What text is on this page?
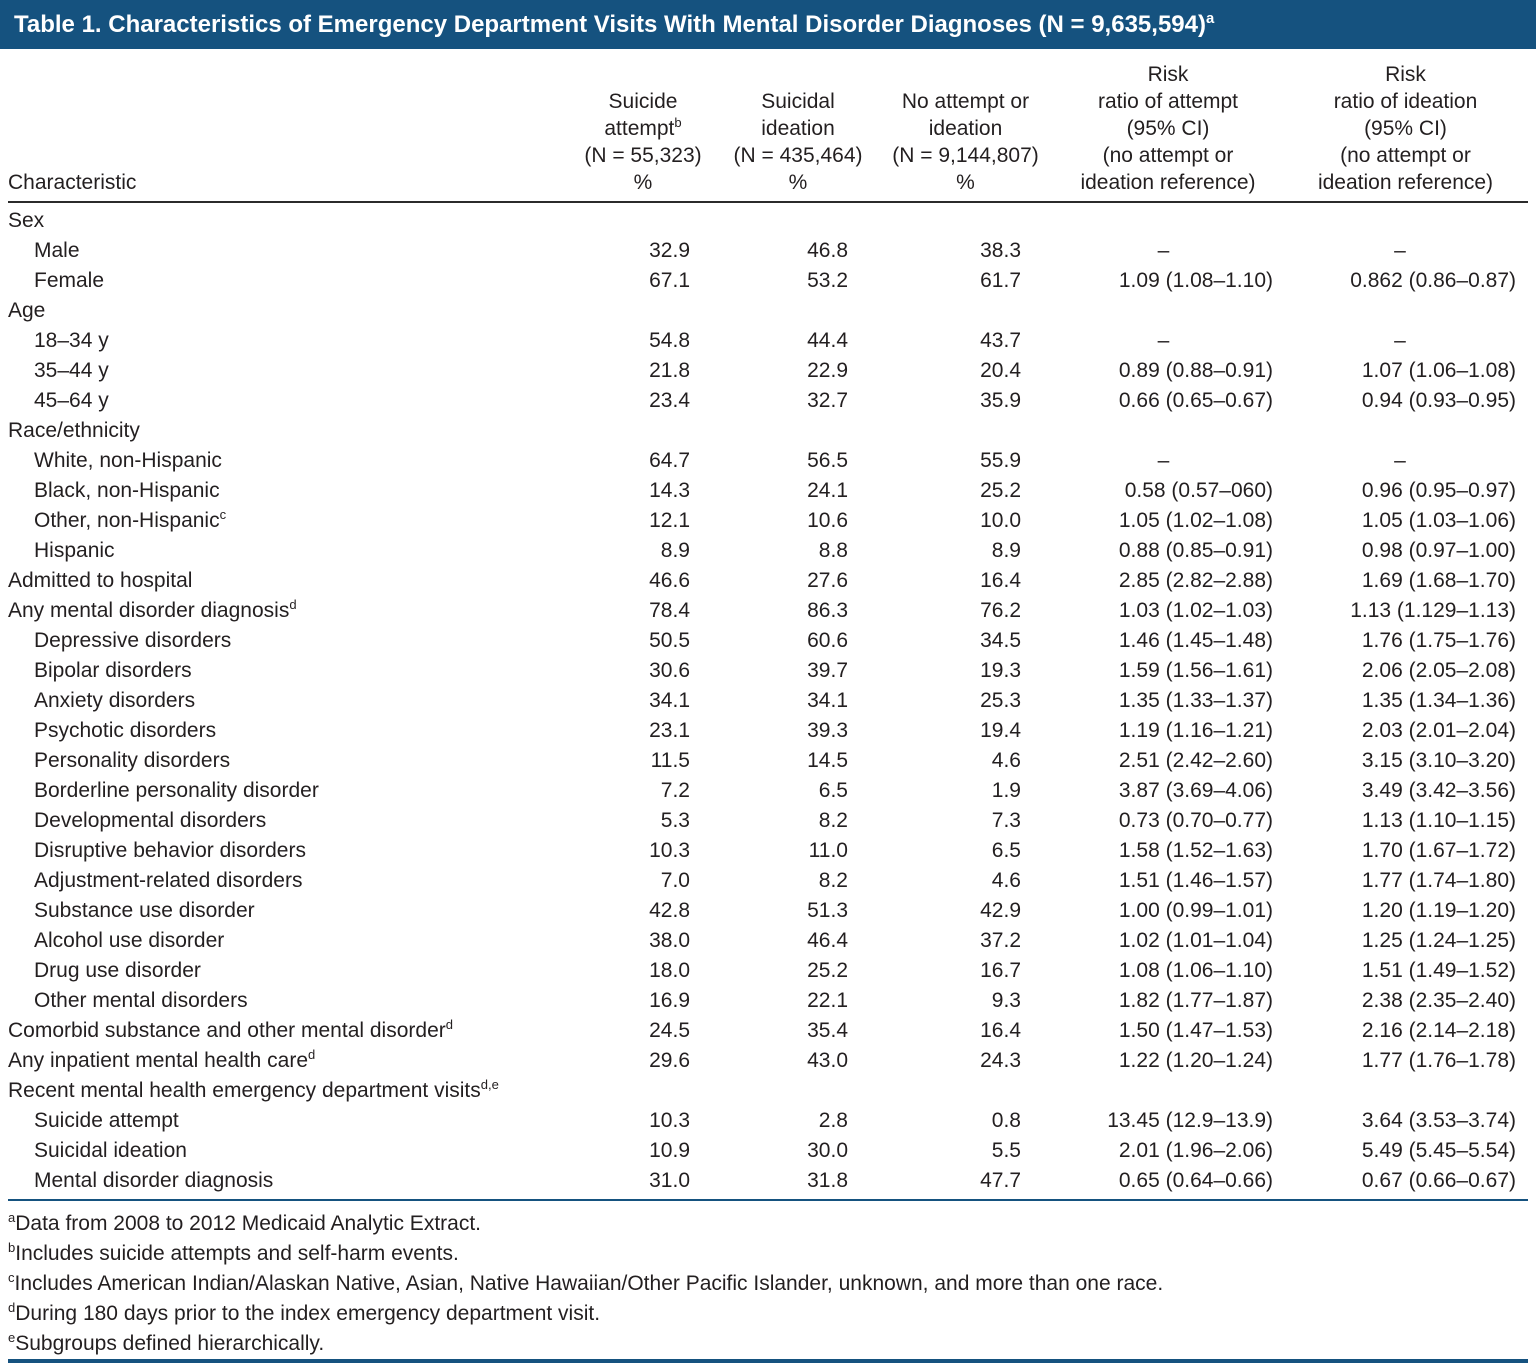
Table 1. Characteristics of Emergency Department Visits With Mental Disorder Diagnoses (N = 9,635,594)$^a$
Characteristic	Suicide
attempt$^b$
(N = 55,323)
%	Suicidal
ideation
(N = 435,464)
%	No attempt or
ideation
(N = 9,144,807)
%	Risk
ratio of attempt
(95% CI)
(no attempt or
ideation reference)	Risk
ratio of ideation
(95% CI)
(no attempt or
ideation reference)
Sex					
Male	32.9	46.8	38.3	–	–
Female	67.1	53.2	61.7	1.09 (1.08–1.10)	0.862 (0.86–0.87)
Age					
18–34 y	54.8	44.4	43.7	–	–
35–44 y	21.8	22.9	20.4	0.89 (0.88–0.91)	1.07 (1.06–1.08)
45–64 y	23.4	32.7	35.9	0.66 (0.65–0.67)	0.94 (0.93–0.95)
Race/ethnicity					
White, non-Hispanic	64.7	56.5	55.9	–	–
Black, non-Hispanic	14.3	24.1	25.2	0.58 (0.57–060)	0.96 (0.95–0.97)
Other, non-Hispanic$^c$	12.1	10.6	10.0	1.05 (1.02–1.08)	1.05 (1.03–1.06)
Hispanic	8.9	8.8	8.9	0.88 (0.85–0.91)	0.98 (0.97–1.00)
Admitted to hospital	46.6	27.6	16.4	2.85 (2.82–2.88)	1.69 (1.68–1.70)
Any mental disorder diagnosis$^d$	78.4	86.3	76.2	1.03 (1.02–1.03)	1.13 (1.129–1.13)
Depressive disorders	50.5	60.6	34.5	1.46 (1.45–1.48)	1.76 (1.75–1.76)
Bipolar disorders	30.6	39.7	19.3	1.59 (1.56–1.61)	2.06 (2.05–2.08)
Anxiety disorders	34.1	34.1	25.3	1.35 (1.33–1.37)	1.35 (1.34–1.36)
Psychotic disorders	23.1	39.3	19.4	1.19 (1.16–1.21)	2.03 (2.01–2.04)
Personality disorders	11.5	14.5	4.6	2.51 (2.42–2.60)	3.15 (3.10–3.20)
Borderline personality disorder	7.2	6.5	1.9	3.87 (3.69–4.06)	3.49 (3.42–3.56)
Developmental disorders	5.3	8.2	7.3	0.73 (0.70–0.77)	1.13 (1.10–1.15)
Disruptive behavior disorders	10.3	11.0	6.5	1.58 (1.52–1.63)	1.70 (1.67–1.72)
Adjustment-related disorders	7.0	8.2	4.6	1.51 (1.46–1.57)	1.77 (1.74–1.80)
Substance use disorder	42.8	51.3	42.9	1.00 (0.99–1.01)	1.20 (1.19–1.20)
Alcohol use disorder	38.0	46.4	37.2	1.02 (1.01–1.04)	1.25 (1.24–1.25)
Drug use disorder	18.0	25.2	16.7	1.08 (1.06–1.10)	1.51 (1.49–1.52)
Other mental disorders	16.9	22.1	9.3	1.82 (1.77–1.87)	2.38 (2.35–2.40)
Comorbid substance and other mental disorder$^d$	24.5	35.4	16.4	1.50 (1.47–1.53)	2.16 (2.14–2.18)
Any inpatient mental health care$^d$	29.6	43.0	24.3	1.22 (1.20–1.24)	1.77 (1.76–1.78)
Recent mental health emergency department visits$^{d,e}$					
Suicide attempt	10.3	2.8	0.8	13.45 (12.9–13.9)	3.64 (3.53–3.74)
Suicidal ideation	10.9	30.0	5.5	2.01 (1.96–2.06)	5.49 (5.45–5.54)
Mental disorder diagnosis	31.0	31.8	47.7	0.65 (0.64–0.66)	0.67 (0.66–0.67)
$^a$Data from 2008 to 2012 Medicaid Analytic Extract.
$^b$Includes suicide attempts and self-harm events.
$^c$Includes American Indian/Alaskan Native, Asian, Native Hawaiian/Other Pacific Islander, unknown, and more than one race.
$^d$During 180 days prior to the index emergency department visit.
$^e$Subgroups defined hierarchically.
